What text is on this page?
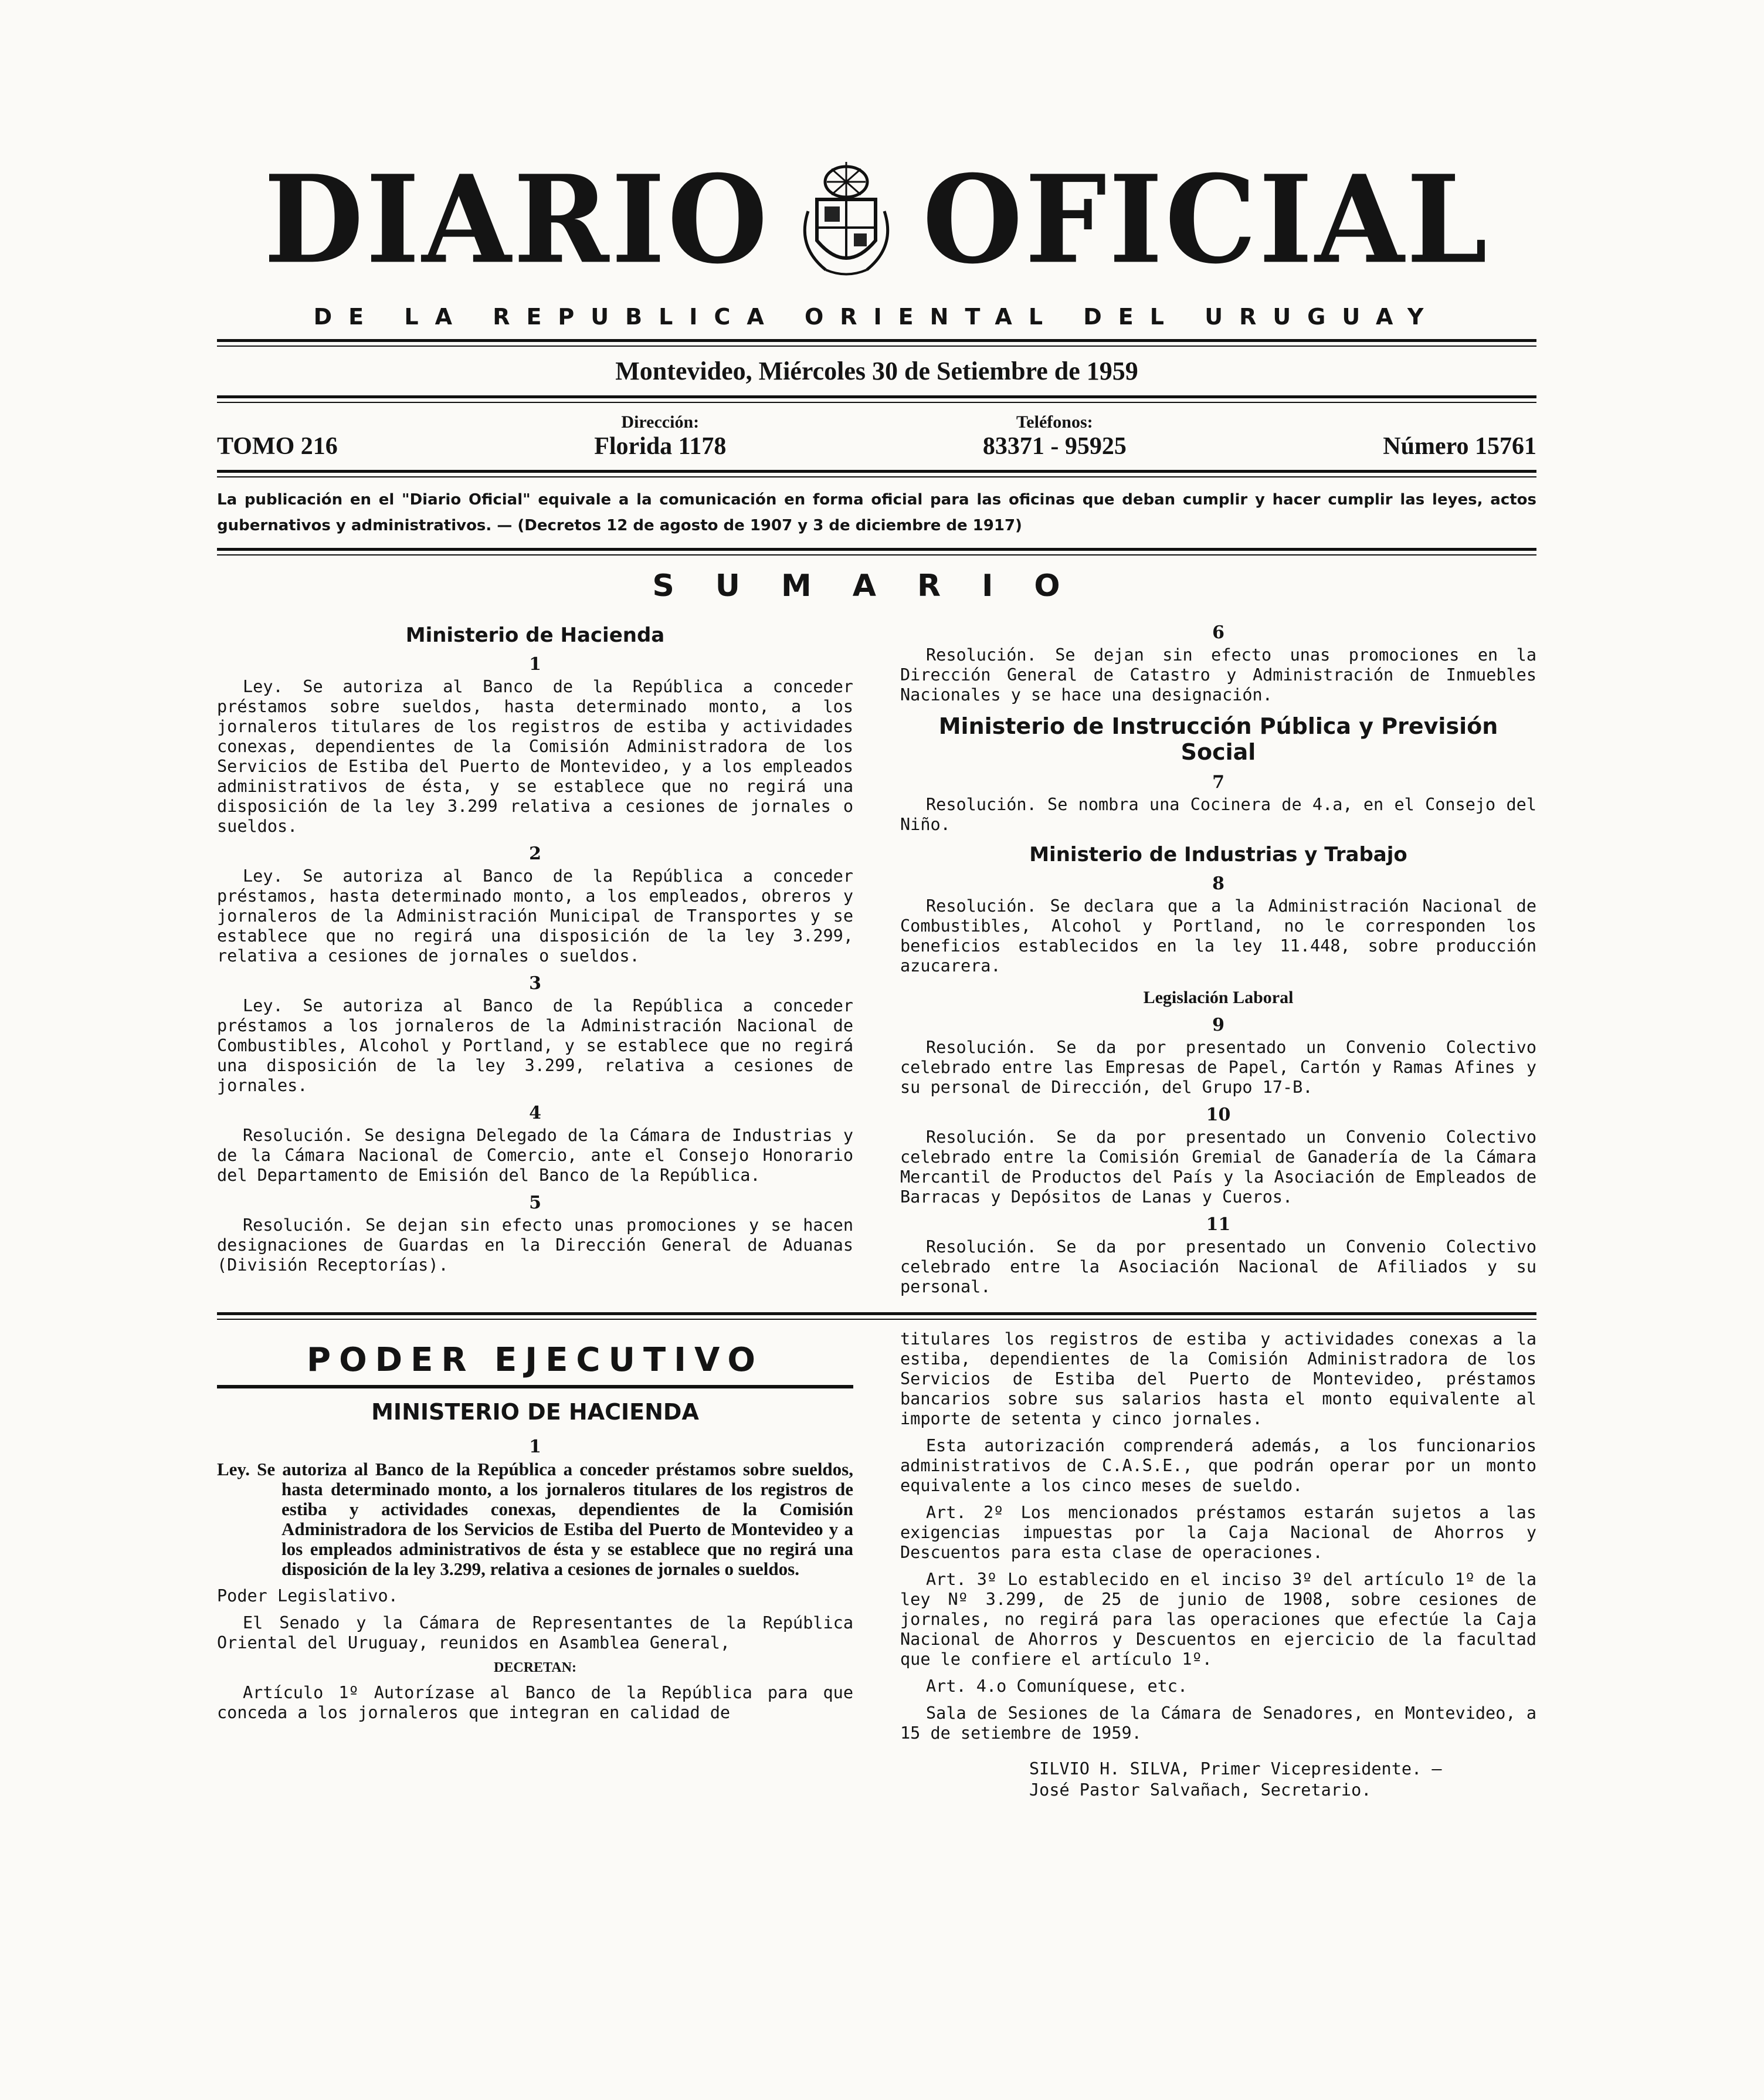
DIARIO OFICIAL
DE LA REPUBLICA ORIENTAL DEL URUGUAY
Montevideo, Miércoles 30 de Setiembre de 1959
TOMO 216
Dirección:
Florida 1178
Teléfonos:
83371 - 95925	Número 15761
La publicación en el "Diario Oficial" equivale a la comunicación en forma oficial para las oficinas que deban cumplir y hacer cumplir las leyes, actos gubernativos y administrativos. — (Decretos 12 de agosto de 1907 y 3 de diciembre de 1917)
SUMARIO
Ministerio de Hacienda
1

Ley. Se autoriza al Banco de la República a conceder préstamos sobre sueldos, hasta determinado monto, a los jornaleros titulares de los registros de estiba y actividades conexas, dependientes de la Comisión Administradora de los Servicios de Estiba del Puerto de Montevideo, y a los empleados administrativos de ésta, y se establece que no regirá una disposición de la ley 3.299 relativa a cesiones de jornales o sueldos.

2

Ley. Se autoriza al Banco de la República a conceder préstamos, hasta determinado monto, a los empleados, obreros y jornaleros de la Administración Municipal de Transportes y se establece que no regirá una disposición de la ley 3.299, relativa a cesiones de jornales o sueldos.

3

Ley. Se autoriza al Banco de la República a conceder préstamos a los jornaleros de la Administración Nacional de Combustibles, Alcohol y Portland, y se establece que no regirá una disposición de la ley 3.299, relativa a cesiones de jornales.

4

Resolución. Se designa Delegado de la Cámara de Industrias y de la Cámara Nacional de Comercio, ante el Consejo Honorario del Departamento de Emisión del Banco de la República.

5

Resolución. Se dejan sin efecto unas promociones y se hacen designaciones de Guardas en la Dirección General de Aduanas (División Receptorías).

6

Resolución. Se dejan sin efecto unas promociones en la Dirección General de Catastro y Administración de Inmuebles Nacionales y se hace una designación.

Ministerio de Instrucción Pública y Previsión Social
7

Resolución. Se nombra una Cocinera de 4.a, en el Consejo del Niño.

Ministerio de Industrias y Trabajo
8

Resolución. Se declara que a la Administración Nacional de Combustibles, Alcohol y Portland, no le corresponden los beneficios establecidos en la ley 11.448, sobre producción azucarera.

Legislación Laboral
9

Resolución. Se da por presentado un Convenio Colectivo celebrado entre las Empresas de Papel, Cartón y Ramas Afines y su personal de Dirección, del Grupo 17-B.

10

Resolución. Se da por presentado un Convenio Colectivo celebrado entre la Comisión Gremial de Ganadería de la Cámara Mercantil de Productos del País y la Asociación de Empleados de Barracas y Depósitos de Lanas y Cueros.

11

Resolución. Se da por presentado un Convenio Colectivo celebrado entre la Asociación Nacional de Afiliados y su personal.

PODER EJECUTIVO
MINISTERIO DE HACIENDA
1
Ley. Se autoriza al Banco de la República a conceder préstamos sobre sueldos, hasta determinado monto, a los jornaleros titulares de los registros de estiba y actividades conexas, dependientes de la Comisión Administradora de los Servicios de Estiba del Puerto de Montevideo y a los empleados administrativos de ésta y se establece que no regirá una disposición de la ley 3.299, relativa a cesiones de jornales o sueldos.

Poder Legislativo.

El Senado y la Cámara de Representantes de la República Oriental del Uruguay, reunidos en Asamblea General,

DECRETAN:

Artículo 1º Autorízase al Banco de la República para que conceda a los jornaleros que integran en calidad de

titulares los registros de estiba y actividades conexas a la estiba, dependientes de la Comisión Administradora de los Servicios de Estiba del Puerto de Montevideo, préstamos bancarios sobre sus salarios hasta el monto equivalente al importe de setenta y cinco jornales.

Esta autorización comprenderá además, a los funcionarios administrativos de C.A.S.E., que podrán operar por un monto equivalente a los cinco meses de sueldo.

Art. 2º Los mencionados préstamos estarán sujetos a las exigencias impuestas por la Caja Nacional de Ahorros y Descuentos para esta clase de operaciones.

Art. 3º Lo establecido en el inciso 3º del artículo 1º de la ley Nº 3.299, de 25 de junio de 1908, sobre cesiones de jornales, no regirá para las operaciones que efectúe la Caja Nacional de Ahorros y Descuentos en ejercicio de la facultad que le confiere el artículo 1º.

Art. 4.o Comuníquese, etc.

Sala de Sesiones de la Cámara de Senadores, en Montevideo, a 15 de setiembre de 1959.

SILVIO H. SILVA, Primer Vicepresidente. —
José Pastor Salvañach, Secretario.
